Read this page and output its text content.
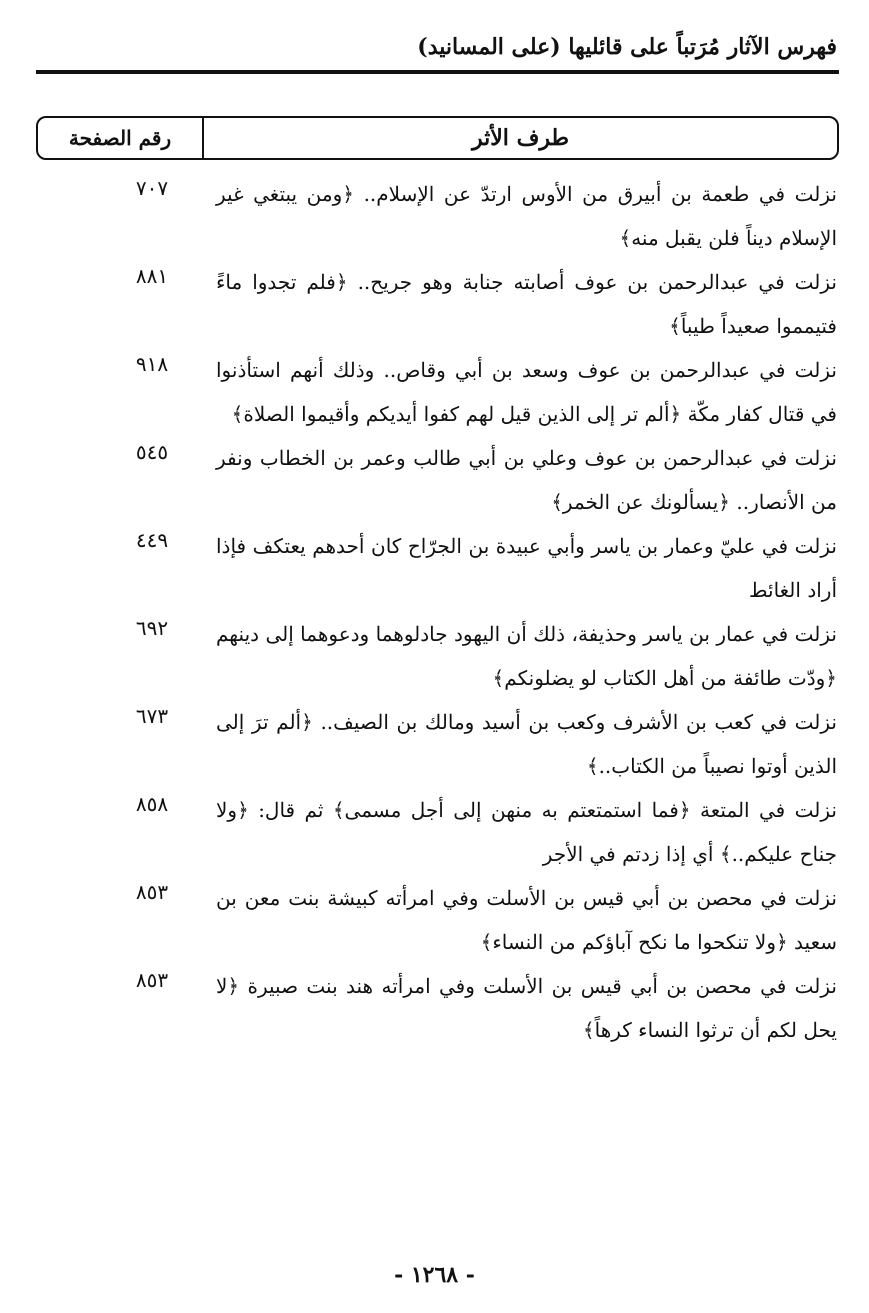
فهرس الآثار مُرَتباً على قائليها (على المسانيد)
رقم الصفحة	طرف الأثر
نزلت في طعمة بن أبيرق من الأوس ارتدّ عن الإسلام.. ﴿ومن يبتغي غير الإسلام ديناً فلن يقبل منه﴾
٧٠٧
نزلت في عبدالرحمن بن عوف أصابته جنابة وهو جريح.. ﴿فلم تجدوا ماءً فتيمموا صعيداً طيباً﴾
٨٨١
نزلت في عبدالرحمن بن عوف وسعد بن أبي وقاص.. وذلك أنهم استأذنوا في قتال كفار مكّة ﴿ألم تر إلى الذين قيل لهم كفوا أيديكم وأقيموا الصلاة﴾
٩١٨
نزلت في عبدالرحمن بن عوف وعلي بن أبي طالب وعمر بن الخطاب ونفر من الأنصار.. ﴿يسألونك عن الخمر﴾
٥٤٥
نزلت في عليّ وعمار بن ياسر وأبي عبيدة بن الجرّاح كان أحدهم يعتكف فإذا أراد الغائط
٤٤٩
نزلت في عمار بن ياسر وحذيفة، ذلك أن اليهود جادلوهما ودعوهما إلى دينهم ﴿ودّت طائفة من أهل الكتاب لو يضلونكم﴾
٦٩٢
نزلت في كعب بن الأشرف وكعب بن أسيد ومالك بن الصيف.. ﴿ألم ترَ إلى الذين أوتوا نصيباً من الكتاب..﴾
٦٧٣
نزلت في المتعة ﴿فما استمتعتم به منهن إلى أجل مسمى﴾ ثم قال: ﴿ولا جناح عليكم..﴾ أي إذا زدتم في الأجر
٨٥٨
نزلت في محصن بن أبي قيس بن الأسلت وفي امرأته كبيشة بنت معن بن سعيد ﴿ولا تنكحوا ما نكح آباؤكم من النساء﴾
٨٥٣
نزلت في محصن بن أبي قيس بن الأسلت وفي امرأته هند بنت صبيرة ﴿لا يحل لكم أن ترثوا النساء كرهاً﴾
٨٥٣
- ١٢٦٨ -
